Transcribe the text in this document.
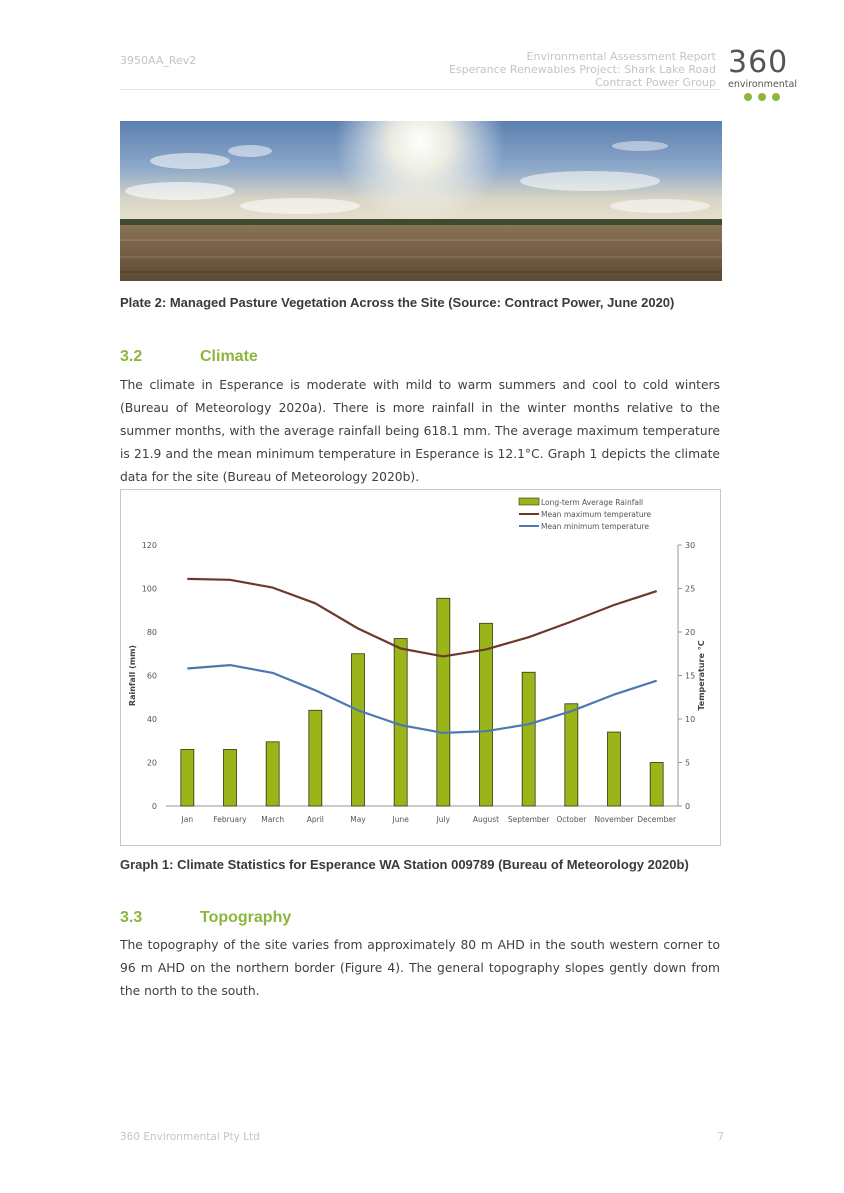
3950AA_Rev2	Environmental Assessment Report
Esperance Renewables Project: Shark Lake Road
Contract Power Group
360
environmental
Plate 2: Managed Pasture Vegetation Across the Site (Source: Contract Power, June 2020)
3.2	Climate
The climate in Esperance is moderate with mild to warm summers and cool to cold winters (Bureau of Meteorology 2020a). There is more rainfall in the winter months relative to the summer months, with the average rainfall being 618.1 mm. The average maximum temperature is 21.9 and the mean minimum temperature in Esperance is 12.1°C. Graph 1 depicts the climate data for the site (Bureau of Meteorology 2020b).
0
20
40
60
80
100
120
0
5
10
15
20
25
30
Jan	February March	April	May	June	July	August September October November December
Rainfall (mm)	Temperature °C
Long-term Average Rainfall
Mean maximum temperature
Mean minimum temperature
Graph 1: Climate Statistics for Esperance WA Station 009789 (Bureau of Meteorology 2020b)
3.3	Topography
The topography of the site varies from approximately 80 m AHD in the south western corner to 96 m AHD on the northern border (Figure 4). The general topography slopes gently down from the north to the south.
360 Environmental Pty Ltd	7
